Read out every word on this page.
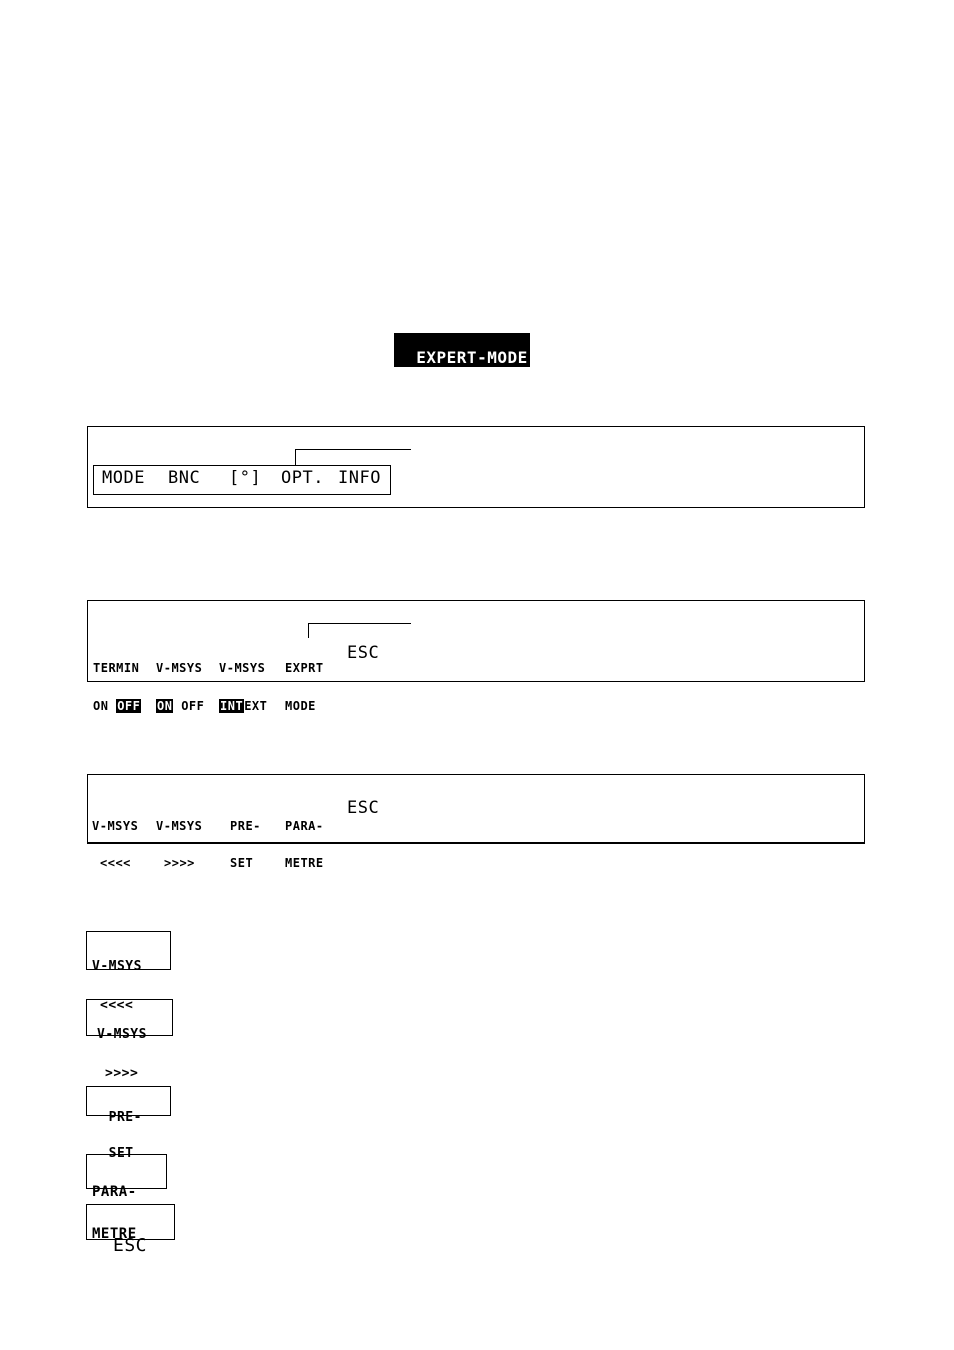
EXPERT-MODE

MODE BNC [°] OPT. INFO

TERMIN

ON OFF

V-MSYS

ON OFF

V-MSYS

INTEXT

EXPRT

MODE

ESC

V-MSYS

<<<<

V-MSYS

>>>>

PRE-

SET

PARA-

METRE

ESC

V-MSYS

<<<<

V-MSYS

>>>>

PRE-

SET

PARA-

METRE

ESC
